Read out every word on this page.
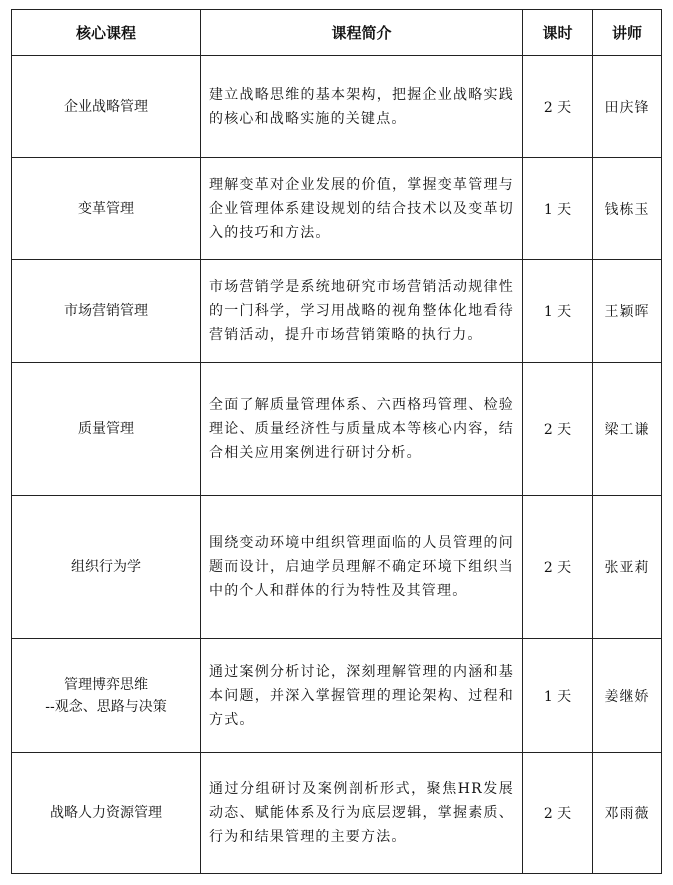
核心课程	课程简介	课时	讲师

企业战略管理	建立战略思维的基本架构，把握企业战略实践的核心和战略实施的关键点。	2 天	田庆锋

变革管理	理解变革对企业发展的价值，掌握变革管理与企业管理体系建设规划的结合技术以及变革切入的技巧和方法。	1 天	钱栋玉

市场营销管理	市场营销学是系统地研究市场营销活动规律性的一门科学，学习用战略的视角整体化地看待营销活动，提升市场营销策略的执行力。	1 天	王颖晖

质量管理	全面了解质量管理体系、六西格玛管理、检验理论、质量经济性与质量成本等核心内容，结合相关应用案例进行研讨分析。	2 天	梁工谦

组织行为学	围绕变动环境中组织管理面临的人员管理的问题而设计，启迪学员理解不确定环境下组织当中的个人和群体的行为特性及其管理。	2 天	张亚莉

管理博弈思维
--观念、思路与决策	通过案例分析讨论，深刻理解管理的内涵和基本问题，并深入掌握管理的理论架构、过程和方式。	1 天	姜继娇

战略人力资源管理	通过分组研讨及案例剖析形式，聚焦HR发展动态、赋能体系及行为底层逻辑，掌握素质、行为和结果管理的主要方法。	2 天	邓雨薇
